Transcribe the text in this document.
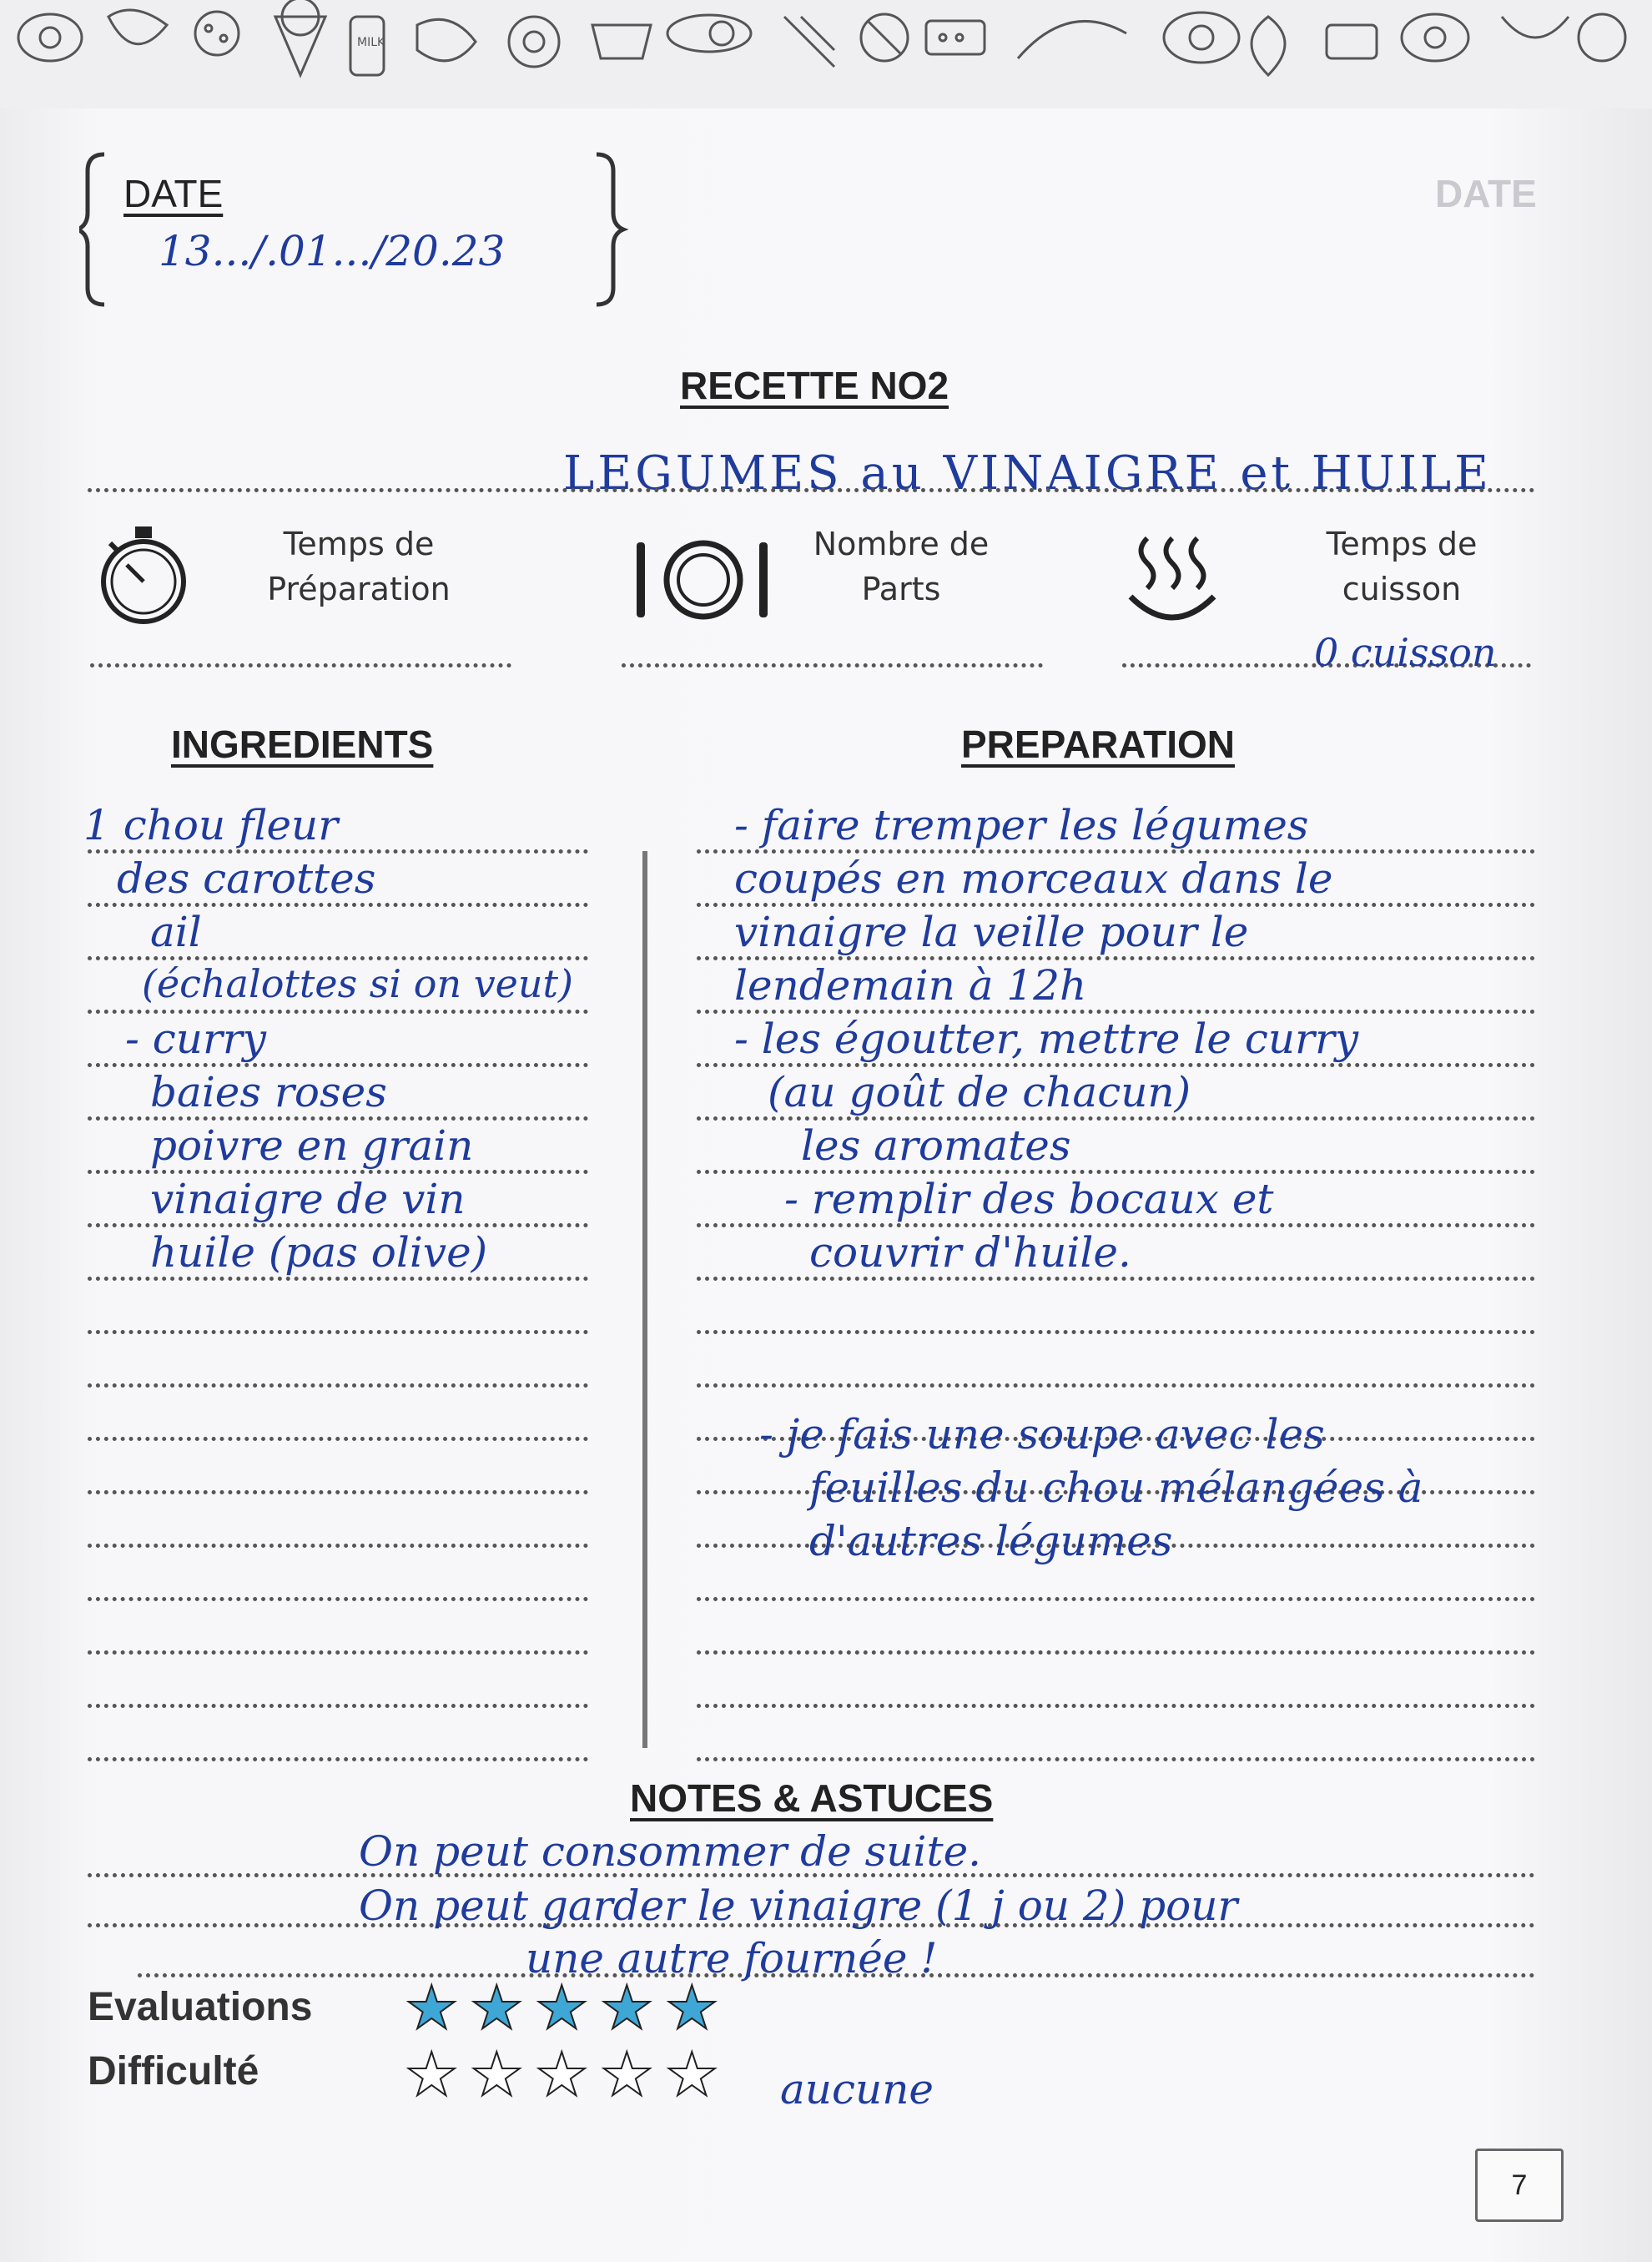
MILK
DATE
DATE
13.../.01.../20.23
RECETTE NO2
LEGUMES au VINAIGRE et HUILE
Temps de
Préparation
Nombre de
Parts
Temps de
cuisson
0 cuisson
INGREDIENTS	PREPARATION
1 chou fleur
des carottes
ail
(échalottes si on veut)
- curry
baies roses
poivre en grain
vinaigre de vin
huile (pas olive)
- faire tremper les légumes
coupés en morceaux dans le
vinaigre la veille pour le
lendemain à 12h
- les égoutter, mettre le curry
(au goût de chacun)
les aromates
- remplir des bocaux et
couvrir d'huile.
- je fais une soupe avec les
feuilles du chou mélangées à
d'autres légumes
NOTES & ASTUCES
On peut consommer de suite.
On peut garder le vinaigre (1 j ou 2) pour
une autre fournée !
Evaluations
Difficulté
★ ★ ★ ★ ★
★ ★ ★ ★ ★ aucune
7
